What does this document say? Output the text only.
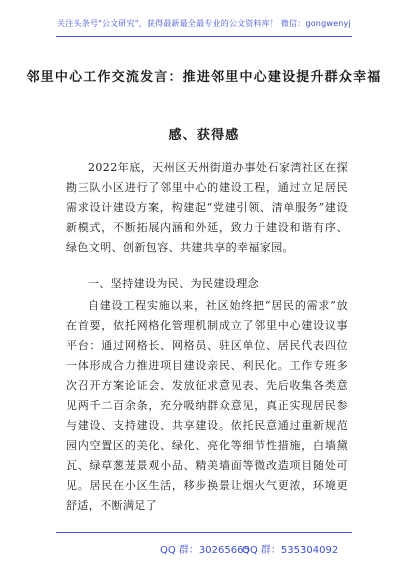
关注头条号"公文研究"，获得最新最全最专业的公文资料库！ 微信：gongwenyj
邻里中心工作交流发言：推进邻里中心建设提升群众幸福
感、获得感
2022年底，天州区天州街道办事处石家湾社区在探勘三队小区进行了邻里中心的建设工程，通过立足居民需求设计建设方案，构建起“党建引领、清单服务”建设新模式，不断拓展内涵和外延，致力于建设和谐有序、绿色文明、创新包容、共建共享的幸福家园。
一、坚持建设为民、为民建设理念
自建设工程实施以来，社区始终把“居民的需求”放在首要，依托网格化管理机制成立了邻里中心建设议事平台：通过网格长、网格员、驻区单位、居民代表四位一体形成合力推进项目建设亲民、利民化。工作专班多次召开方案论证会、发放征求意见表、先后收集各类意见两千二百余条，充分吸纳群众意见，真正实现居民参与建设、支持建设、共享建设。依托民意通过重新规范园内空置区的美化、绿化、亮化等细节性措施，白墙黛瓦、绿草葱茏景观小品、精美墙面等微改造项目随处可见。居民在小区生活，移步换景让烟火气更浓，环境更舒适，不断满足了
QQ 群：30265665
QQ 群：535304092
